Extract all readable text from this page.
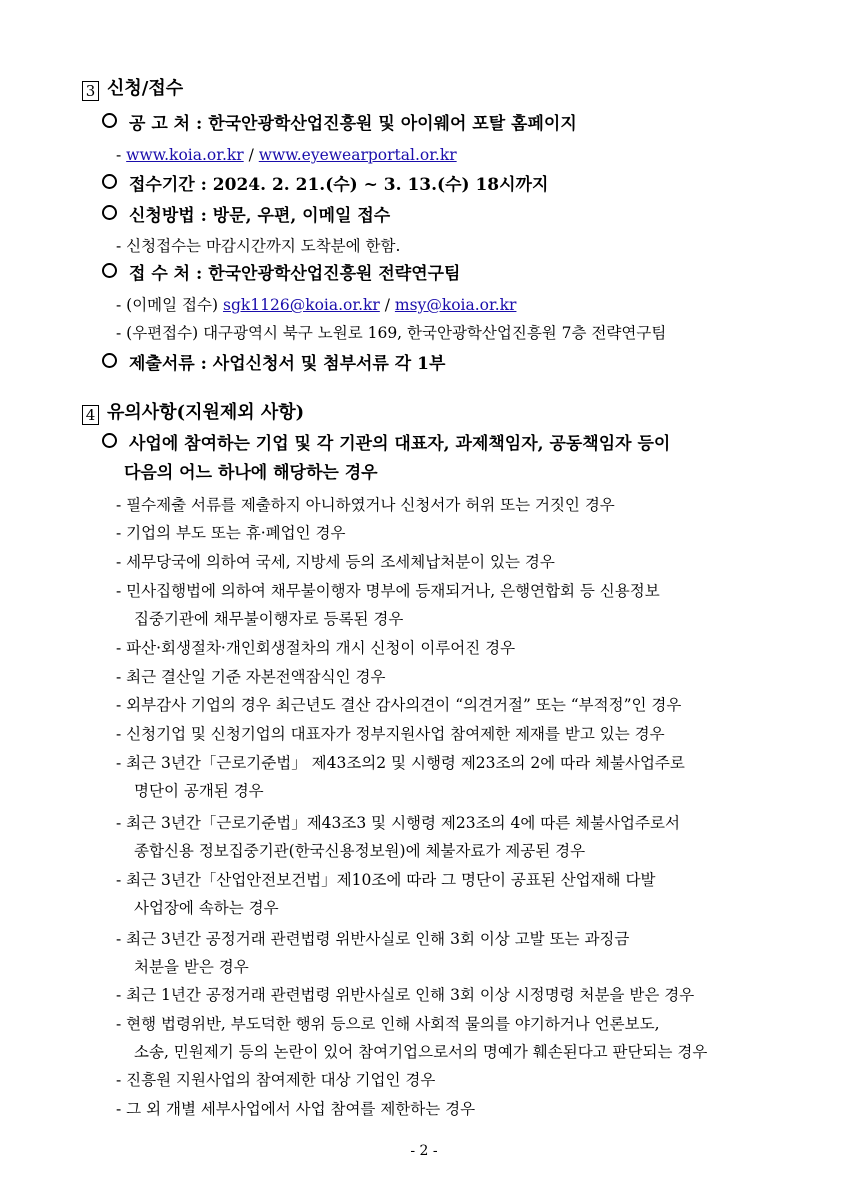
3 신청/접수
공 고 처 : 한국안광학산업진흥원 및 아이웨어 포탈 홈페이지
- www.koia.or.kr / www.eyewearportal.or.kr
접수기간 : 2024. 2. 21.(수) ~ 3. 13.(수) 18시까지
신청방법 : 방문, 우편, 이메일 접수
- 신청접수는 마감시간까지 도착분에 한함.
접 수 처 : 한국안광학산업진흥원 전략연구팀
- (이메일 접수) sgk1126@koia.or.kr / msy@koia.or.kr
- (우편접수) 대구광역시 북구 노원로 169, 한국안광학산업진흥원 7층 전략연구팀
제출서류 : 사업신청서 및 첨부서류 각 1부
4 유의사항(지원제외 사항)
사업에 참여하는 기업 및 각 기관의 대표자, 과제책임자, 공동책임자 등이
다음의 어느 하나에 해당하는 경우
- 필수제출 서류를 제출하지 아니하였거나 신청서가 허위 또는 거짓인 경우
- 기업의 부도 또는 휴·폐업인 경우
- 세무당국에 의하여 국세, 지방세 등의 조세체납처분이 있는 경우
- 민사집행법에 의하여 채무불이행자 명부에 등재되거나, 은행연합회 등 신용정보
집중기관에 채무불이행자로 등록된 경우
- 파산·회생절차·개인회생절차의 개시 신청이 이루어진 경우
- 최근 결산일 기준 자본전액잠식인 경우
- 외부감사 기업의 경우 최근년도 결산 감사의견이 “의견거절” 또는 “부적정”인 경우
- 신청기업 및 신청기업의 대표자가 정부지원사업 참여제한 제재를 받고 있는 경우
- 최근 3년간「근로기준법」 제43조의2 및 시행령 제23조의 2에 따라 체불사업주로
명단이 공개된 경우
- 최근 3년간「근로기준법」제43조3 및 시행령 제23조의 4에 따른 체불사업주로서
종합신용 정보집중기관(한국신용정보원)에 체불자료가 제공된 경우
- 최근 3년간「산업안전보건법」제10조에 따라 그 명단이 공표된 산업재해 다발
사업장에 속하는 경우
- 최근 3년간 공정거래 관련법령 위반사실로 인해 3회 이상 고발 또는 과징금
처분을 받은 경우
- 최근 1년간 공정거래 관련법령 위반사실로 인해 3회 이상 시정명령 처분을 받은 경우
- 현행 법령위반, 부도덕한 행위 등으로 인해 사회적 물의를 야기하거나 언론보도,
소송, 민원제기 등의 논란이 있어 참여기업으로서의 명예가 훼손된다고 판단되는 경우
- 진흥원 지원사업의 참여제한 대상 기업인 경우
- 그 외 개별 세부사업에서 사업 참여를 제한하는 경우
- 2 -
